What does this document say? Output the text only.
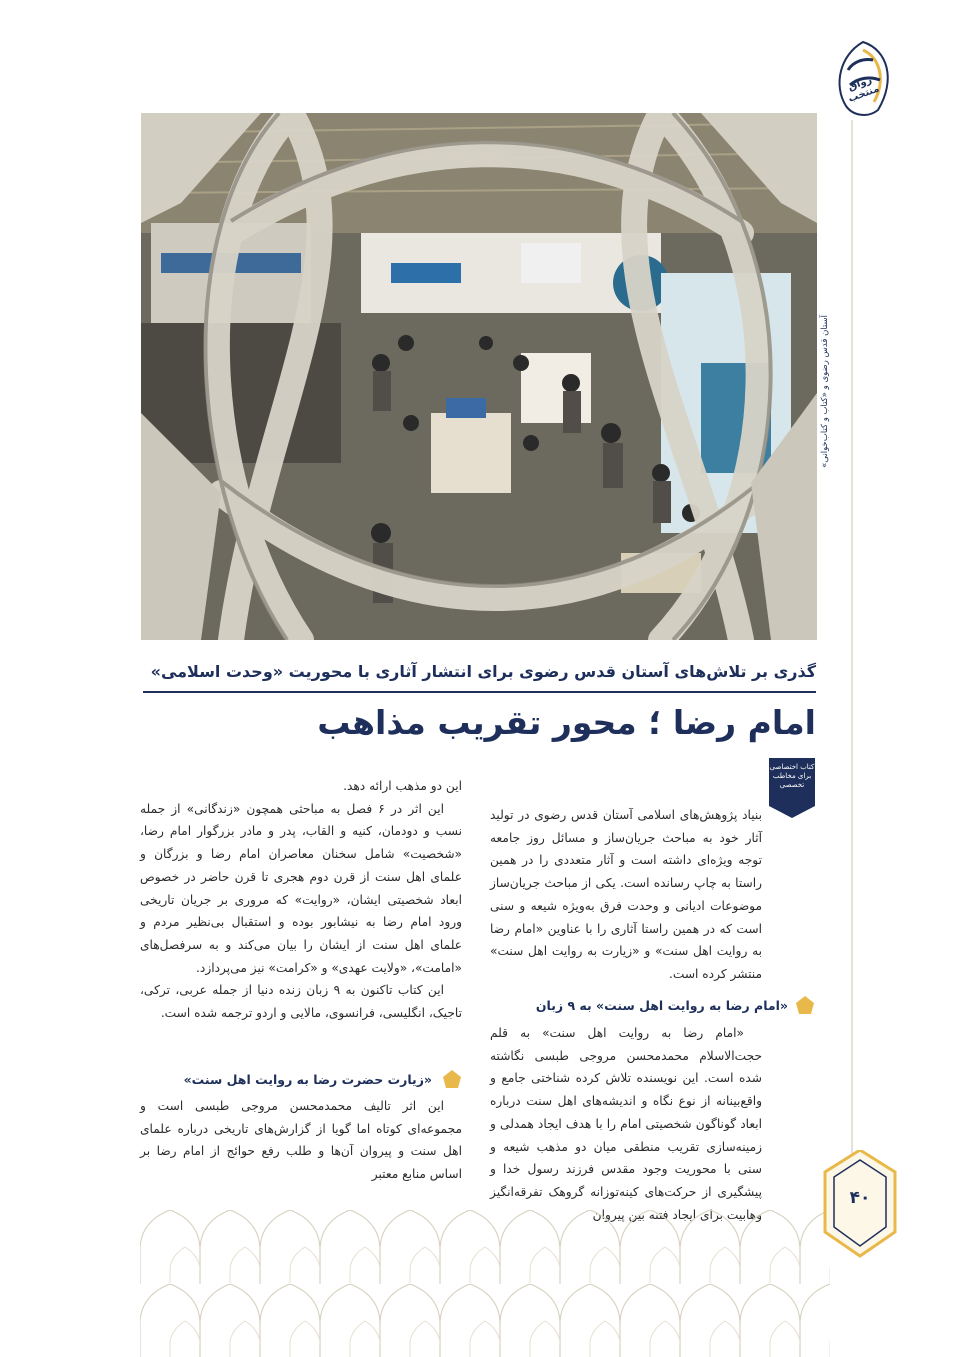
گذری بر تلاش‌های آستان قدس رضوی برای انتشار آثاری با محوریت «وحدت اسلامی»
امام رضا ؛ محور تقریب مذاهب
کتاب اختصاصی برای مخاطب تخصصی

بنیاد پژوهش‌های اسلامی آستان قدس رضوی در تولید آثار خود به مباحث جریان‌ساز و مسائل روز جامعه توجه ویژه‌ای داشته است و آثار متعددی را در همین راستا به چاپ رسانده است. یکی از مباحث جریان‌ساز موضوعات ادیانی و وحدت فرق به‌ویژه شیعه و سنی است که در همین راستا آثاری را با عناوین «امام رضا به روایت اهل سنت» و «زیارت به روایت اهل سنت» منتشر کرده است.

«امام رضا به روایت اهل سنت» به ۹ زبان

«امام رضا به روایت اهل سنت» به قلم حجت‌الاسلام محمدمحسن مروجی طبسی نگاشته شده است. این نویسنده تلاش کرده شناختی جامع و واقع‌بینانه از نوع نگاه و اندیشه‌های اهل سنت درباره ابعاد گوناگون شخصیتی امام را با هدف ایجاد همدلی و زمینه‌سازی تقریب منطقی میان دو مذهب شیعه و سنی با محوریت وجود مقدس فرزند رسول خدا و پیشگیری از حرکت‌های کینه‌توزانه گروهک تفرقه‌انگیز

این دو مذهب ارائه دهد.

این اثر در ۶ فصل به مباحثی همچون «زندگانی» از جمله نسب و دودمان، کنیه و القاب، پدر و مادر بزرگوار امام رضا، «شخصیت» شامل سخنان معاصران امام رضا و بزرگان و علمای اهل سنت از قرن دوم هجری تا قرن حاضر در خصوص ابعاد شخصیتی ایشان، «روایت» که مروری بر جریان تاریخی ورود امام رضا به نیشابور بوده و استقبال بی‌نظیر مردم و علمای اهل سنت از ایشان را بیان می‌کند و به سرفصل‌های «امامت»، «ولایت عهدی» و «کرامت» نیز می‌پردازد.

این کتاب تاکنون به ۹ زبان زنده دنیا از جمله عربی، ترکی، تاجیک، انگلیسی، فرانسوی، مالایی و اردو ترجمه شده است.

«زیارت حضرت رضا به روایت اهل سنت»

این اثر تالیف محمدمحسن مروجی طبسی است و مجموعه‌ای کوتاه اما گویا از گزارش‌های تاریخی درباره علمای اهل سنت و پیروان آن‌ها و طلب رفع حوائج از امام رضا بر اساس منابع معتبر

رواق منتخب
آستان قدس رضوی و «کتاب و کتاب‌خوانی»
۴۰
